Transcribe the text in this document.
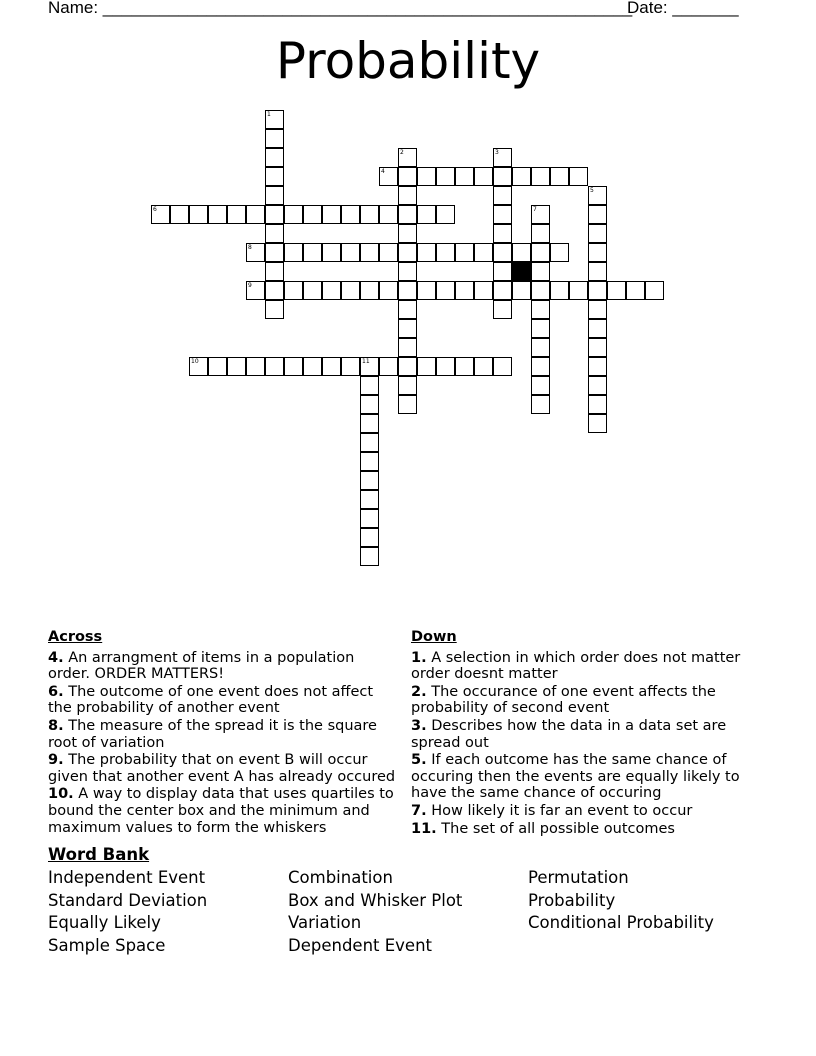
Name: ________________________________________________________
Date: _______
Probability
1
2	3
4
5
6	7
8
9
10	11
Across
4. An arrangment of items in a population order. ORDER MATTERS!
6. The outcome of one event does not affect the probability of another event
8. The measure of the spread it is the square root of variation
9. The probability that on event B will occur given that another event A has already occured
10. A way to display data that uses quartiles to bound the center box and the minimum and maximum values to form the whiskers
Down
1. A selection in which order does not matter order doesnt matter
2. The occurance of one event affects the probability of second event
3. Describes how the data in a data set are spread out
5. If each outcome has the same chance of occuring then the events are equally likely to have the same chance of occuring
7. How likely it is far an event to occur
11. The set of all possible outcomes
Word Bank
Independent Event
Standard Deviation
Equally Likely
Sample Space
Combination
Box and Whisker Plot
Variation
Dependent Event
Permutation
Probability
Conditional Probability
